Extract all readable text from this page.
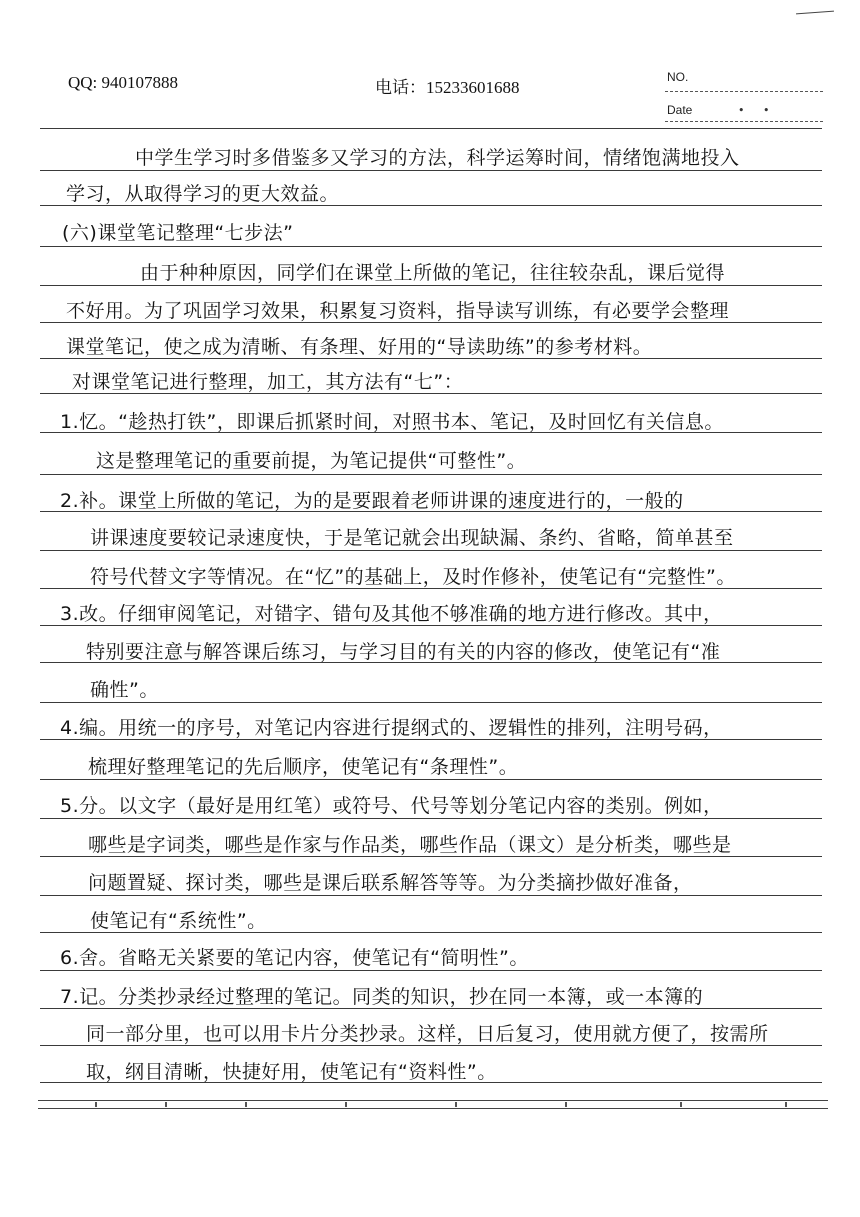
QQ: 940107888	电话：15233601688
NO.
Date	• •
中学生学习时多借鉴多又学习的方法，科学运筹时间，情绪饱满地投入
学习，从取得学习的更大效益。
(六)课堂笔记整理“七步法”
由于种种原因，同学们在课堂上所做的笔记，往往较杂乱，课后觉得
不好用。为了巩固学习效果，积累复习资料，指导读写训练，有必要学会整理
课堂笔记，使之成为清晰、有条理、好用的“导读助练”的参考材料。
对课堂笔记进行整理，加工，其方法有“七”：
1.忆。“趁热打铁”，即课后抓紧时间，对照书本、笔记，及时回忆有关信息。
这是整理笔记的重要前提，为笔记提供“可整性”。
2.补。课堂上所做的笔记，为的是要跟着老师讲课的速度进行的，一般的
讲课速度要较记录速度快，于是笔记就会出现缺漏、条约、省略，简单甚至
符号代替文字等情况。在“忆”的基础上，及时作修补，使笔记有“完整性”。
3.改。仔细审阅笔记，对错字、错句及其他不够准确的地方进行修改。其中，
特别要注意与解答课后练习，与学习目的有关的内容的修改，使笔记有“准
确性”。
4.编。用统一的序号，对笔记内容进行提纲式的、逻辑性的排列，注明号码，
梳理好整理笔记的先后顺序，使笔记有“条理性”。
5.分。以文字（最好是用红笔）或符号、代号等划分笔记内容的类别。例如，
哪些是字词类，哪些是作家与作品类，哪些作品（课文）是分析类，哪些是
问题置疑、探讨类，哪些是课后联系解答等等。为分类摘抄做好准备，
使笔记有“系统性”。
6.舍。省略无关紧要的笔记内容，使笔记有“简明性”。
7.记。分类抄录经过整理的笔记。同类的知识，抄在同一本簿，或一本簿的
同一部分里，也可以用卡片分类抄录。这样，日后复习，使用就方便了，按需所
取，纲目清晰，快捷好用，使笔记有“资料性”。
